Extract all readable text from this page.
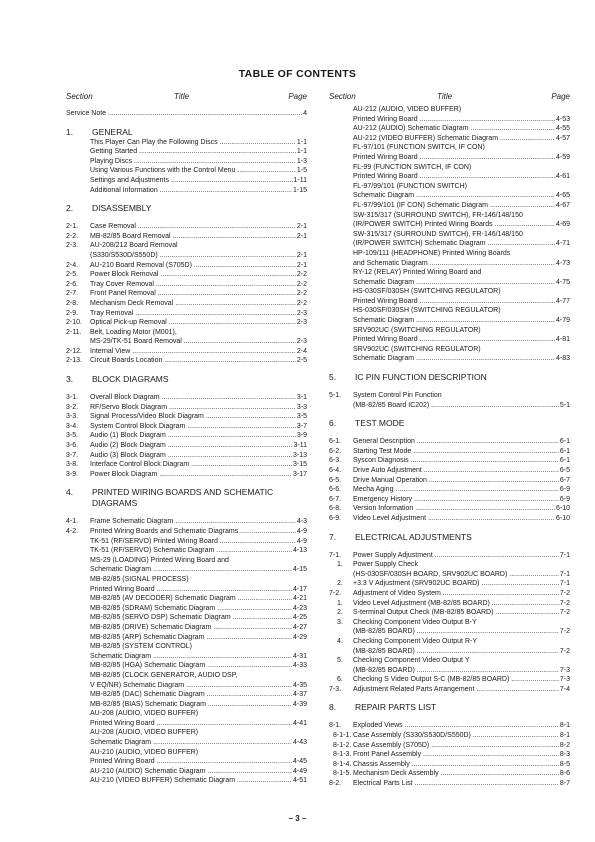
TABLE OF CONTENTS
Section	Title	Page
Service Note .....	4
1. GENERAL
This Player Can Play the Following Discs .....	1-1
Getting Started .....	1-1
Playing Discs .....	1-3
Using Various Functions with the Control Menu .....	1-5
Settings and Adjustments .....	1-11
Additional Information .....	1-15
2. DISASSEMBLY
2-1. Case Removal .....	2-1
2-2. MB-82/85 Board Removal .....	2-1
2-3. AU-208/212 Board Removal
(S330/S530D/S550D) .....	2-1
2-4. AU-210 Board Removal (S705D) .....	2-1
2-5. Power Block Removal .....	2-2
2-6. Tray Cover Removal .....	2-2
2-7. Front Panel Removal .....	2-2
2-8. Mechanism Deck Removal .....	2-2
2-9. Tray Removal .....	2-3
2-10. Optical Pick-up Removal .....	2-3
2-11. Belt, Loading Motor (M001),
MS-29/TK-51 Board Removal .....	2-3
2-12. Internal View .....	2-4
2-13. Circuit Boards Location .....	2-5
3. BLOCK DIAGRAMS
3-1. Overall Block Diagram .....	3-1
3-2. RF/Servo Block Diagram .....	3-3
3-3. Signal Process/Video Block Diagram .....	3-5
3-4. System Control Block Diagram .....	3-7
3-5. Audio (1) Block Diagram .....	3-9
3-6. Audio (2) Block Diagram .....	3-11
3-7. Audio (3) Block Diagram .....	3-13
3-8. Interface Control Block Diagram .....	3-15
3-9. Power Block Diagram .....	3-17
4. PRINTED WIRING BOARDS AND SCHEMATIC DIAGRAMS
4-1. Frame Schematic Diagram .....	4-3
4-2. Printed Wiring Boards and Schematic Diagrams .....	4-9
TK-51 (RF/SERVO) Printed Wiring Board .....	4-9
TK-51 (RF/SERVO) Schematic Diagram .....	4-13
MS-29 (LOADING) Printed Wiring Board and
Schematic Diagram .....	4-15
MB-82/85 (SIGNAL PROCESS)
Printed Wiring Board .....	4-17
MB-82/85 (AV DECODER) Schematic Diagram .....	4-21
MB-82/85 (SDRAM) Schematic Diagram .....	4-23
MB-82/85 (SERVO DSP) Schematic Diagram .....	4-25
MB-82/85 (DRIVE) Schematic Diagram .....	4-27
MB-82/85 (ARP) Schematic Diagram .....	4-29
MB-82/85 (SYSTEM CONTROL)
Schematic Diagram .....	4-31
MB-82/85 (HGA) Schematic Diagram .....	4-33
MB-82/85 (CLOCK GENERATOR, AUDIO DSP,
V EQ/NR) Schematic Diagram .....	4-35
MB-82/85 (DAC) Schematic Diagram .....	4-37
MB-82/85 (BIAS) Schematic Diagram .....	4-39
AU-208 (AUDIO, VIDEO BUFFER)
Printed Wiring Board .....	4-41
AU-208 (AUDIO, VIDEO BUFFER)
Schematic Diagram .....	4-43
AU-210 (AUDIO, VIDEO BUFFER)
Printed Wiring Board .....	4-45
AU-210 (AUDIO) Schematic Diagram .....	4-49
AU-210 (VIDEO BUFFER) Schematic Diagram .....	4-51
Section	Title	Page
AU-212 (AUDIO, VIDEO BUFFER)
Printed Wiring Board .....	4-53
AU-212 (AUDIO) Schematic Diagram .....	4-55
AU-212 (VIDEO BUFFER) Schematic Diagram .....	4-57
FL-97/101 (FUNCTION SWITCH, IF CON)
Printed Wiring Board .....	4-59
FL-99 (FUNCTION SWITCH, IF CON)
Printed Wiring Board .....	4-61
FL-97/99/101 (FUNCTION SWITCH)
Schematic Diagram .....	4-65
FL-97/99/101 (IF CON) Schematic Diagram .....	4-67
SW-315/317 (SURROUND SWITCH), FR-146/148/150
(IR/POWER SWITCH) Printed Wiring Boards .....	4-69
SW-315/317 (SURROUND SWITCH), FR-146/148/150
(IR/POWER SWITCH) Schematic Diagram .....	4-71
HP-109/111 (HEADPHONE) Printed Wiring Boards
and Schematic Diagram .....	4-73
RY-12 (RELAY) Printed Wiring Board and
Schematic Diagram .....	4-75
HS-030SF/030SH (SWITCHING REGULATOR)
Printed Wiring Board .....	4-77
HS-030SF/030SH (SWITCHING REGULATOR)
Schematic Diagram .....	4-79
SRV902UC (SWITCHING REGULATOR)
Printed Wiring Board .....	4-81
SRV902UC (SWITCHING REGULATOR)
Schematic Diagram .....	4-83
5. IC PIN FUNCTION DESCRIPTION
5-1. System Control Pin Function
(MB-82/85 Board IC202) .....	5-1
6. TEST MODE
6-1. General Description .....	6-1
6-2. Starting Test Mode .....	6-1
6-3. Syscon Diagnosis .....	6-1
6-4. Drive Auto Adjustment .....	6-5
6-5. Drive Manual Operation .....	6-7
6-6. Mecha Aging .....	6-9
6-7. Emergency History .....	6-9
6-8. Version Information .....	6-10
6-9. Video Level Adjustment .....	6-10
7. ELECTRICAL ADJUSTMENTS
7-1. Power Supply Adjustment .....	7-1
1. Power Supply Check
(HS-030SF/030SH BOARD, SRV902UC BOARD) .....	7-1
2. +3.3 V Adjustment (SRV902UC BOARD) .....	7-1
7-2. Adjustment of Video System .....	7-2
1. Video Level Adjustment (MB-82/85 BOARD) .....	7-2
2. S-terminal Output Check (MB-82/85 BOARD) .....	7-2
3. Checking Component Video Output B-Y
(MB-82/85 BOARD) .....	7-2
4. Checking Component Video Output R-Y
(MB-82/85 BOARD) .....	7-2
5. Checking Component Video Output Y
(MB-82/85 BOARD) .....	7-3
6. Checking S Video Output S-C (MB-82/85 BOARD) .....	7-3
7-3. Adjustment Related Parts Arrangement .....	7-4
8. REPAIR PARTS LIST
8-1. Exploded Views .....	8-1
8-1-1. Case Assembly (S330/S530D/S550D) .....	8-1
8-1-2. Case Assembly (S705D) .....	8-2
8-1-3. Front Panel Assembly .....	8-3
8-1-4. Chassis Assembly .....	8-5
8-1-5. Mechanism Deck Assembly .....	8-6
8-2. Electrical Parts List .....	8-7
– 3 –
